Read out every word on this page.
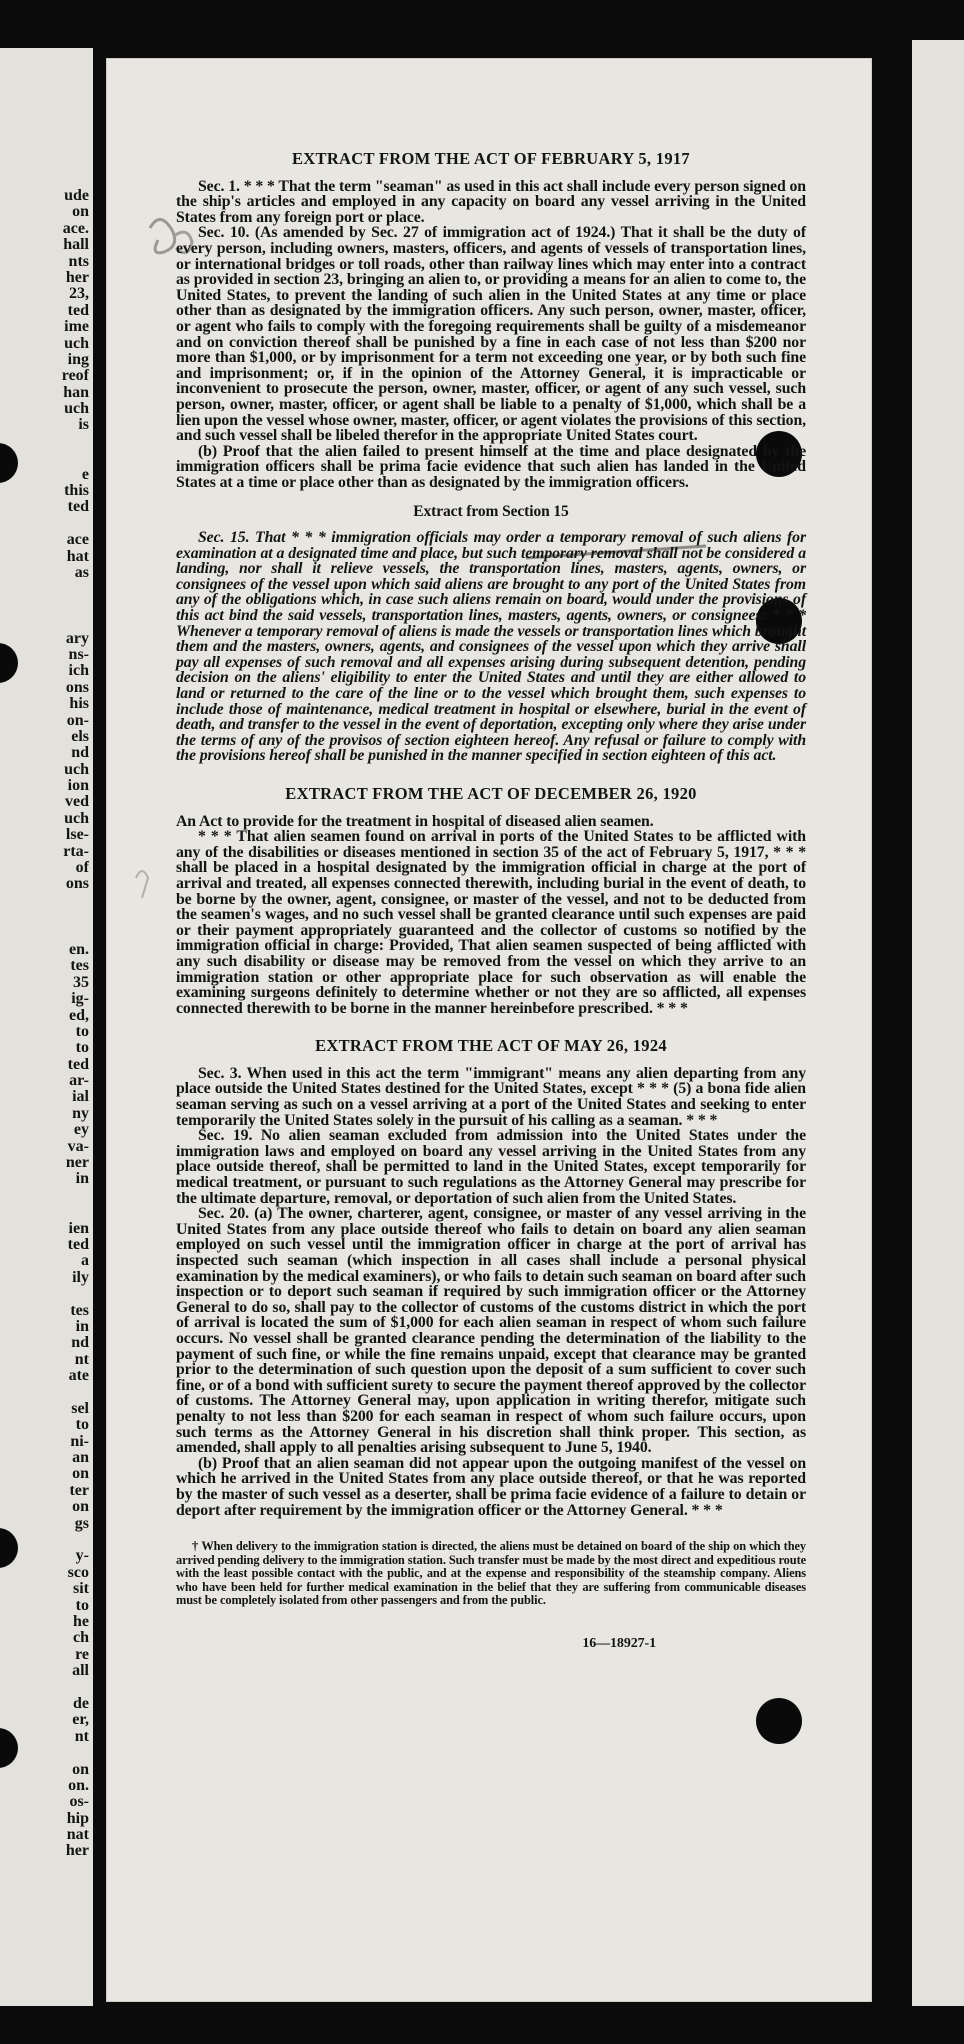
ude
on
ace.
hall
nts
her
23,
ted
ime
uch
ing
reof
han
uch
is
e
this
ted
ace
hat
as
ary
ns-
ich
ons
his
on-
els
nd
uch
ion
ved
uch
lse-
rta-
of
ons
en.
tes
35
ig-
ed,
to
to
ted
ar-
ial
ny
ey
va-
ner
in
ien
ted
a
ily
tes
in
nd
nt
ate
sel
to
ni-
an
on
ter
on
gs
y-
sco
sit
to
he
ch
re
all
de
er,
nt
on
on.
os-
hip
nat
her
EXTRACT FROM THE ACT OF FEBRUARY 5, 1917

Sec. 1. * * * That the term "seaman" as used in this act shall include every person signed on the ship's articles and employed in any capacity on board any vessel arriving in the United States from any foreign port or place.

Sec. 10. (As amended by Sec. 27 of immigration act of 1924.) That it shall be the duty of every person, including owners, masters, officers, and agents of vessels of transportation lines, or international bridges or toll roads, other than railway lines which may enter into a contract as provided in section 23, bringing an alien to, or providing a means for an alien to come to, the United States, to prevent the landing of such alien in the United States at any time or place other than as designated by the immigration officers. Any such person, owner, master, officer, or agent who fails to comply with the foregoing requirements shall be guilty of a misdemeanor and on conviction thereof shall be punished by a fine in each case of not less than $200 nor more than $1,000, or by imprisonment for a term not exceeding one year, or by both such fine and imprisonment; or, if in the opinion of the Attorney General, it is impracticable or inconvenient to prosecute the person, owner, master, officer, or agent of any such vessel, such person, owner, master, officer, or agent shall be liable to a penalty of $1,000, which shall be a lien upon the vessel whose owner, master, officer, or agent violates the provisions of this section, and such vessel shall be libeled therefor in the appropriate United States court.

(b) Proof that the alien failed to present himself at the time and place designated by the immigration officers shall be prima facie evidence that such alien has landed in the United States at a time or place other than as designated by the immigration officers.

Extract from Section 15

Sec. 15. That * * * immigration officials may order a temporary removal of such aliens for examination at a designated time and place, but such temporary removal shall not be considered a landing, nor shall it relieve vessels, the transportation lines, masters, agents, owners, or consignees of the vessel upon which said aliens are brought to any port of the United States from any of the obligations which, in case such aliens remain on board, would under the provisions of this act bind the said vessels, transportation lines, masters, agents, owners, or consignees: * * * Whenever a temporary removal of aliens is made the vessels or transportation lines which brought them and the masters, owners, agents, and consignees of the vessel upon which they arrive shall pay all expenses of such removal and all expenses arising during subsequent detention, pending decision on the aliens' eligibility to enter the United States and until they are either allowed to land or returned to the care of the line or to the vessel which brought them, such expenses to include those of maintenance, medical treatment in hospital or elsewhere, burial in the event of death, and transfer to the vessel in the event of deportation, excepting only where they arise under the terms of any of the provisos of section eighteen hereof. Any refusal or failure to comply with the provisions hereof shall be punished in the manner specified in section eighteen of this act.

EXTRACT FROM THE ACT OF DECEMBER 26, 1920

An Act to provide for the treatment in hospital of diseased alien seamen.

* * * That alien seamen found on arrival in ports of the United States to be afflicted with any of the disabilities or diseases mentioned in section 35 of the act of February 5, 1917, * * * shall be placed in a hospital designated by the immigration official in charge at the port of arrival and treated, all expenses connected therewith, including burial in the event of death, to be borne by the owner, agent, consignee, or master of the vessel, and not to be deducted from the seamen's wages, and no such vessel shall be granted clearance until such expenses are paid or their payment appropriately guaranteed and the collector of customs so notified by the immigration official in charge: Provided, That alien seamen suspected of being afflicted with any such disability or disease may be removed from the vessel on which they arrive to an immigration station or other appropriate place for such observation as will enable the examining surgeons definitely to determine whether or not they are so afflicted, all expenses connected therewith to be borne in the manner hereinbefore prescribed. * * *

EXTRACT FROM THE ACT OF MAY 26, 1924

Sec. 3. When used in this act the term "immigrant" means any alien departing from any place outside the United States destined for the United States, except * * * (5) a bona fide alien seaman serving as such on a vessel arriving at a port of the United States and seeking to enter temporarily the United States solely in the pursuit of his calling as a seaman. * * *

Sec. 19. No alien seaman excluded from admission into the United States under the immigration laws and employed on board any vessel arriving in the United States from any place outside thereof, shall be permitted to land in the United States, except temporarily for medical treatment, or pursuant to such regulations as the Attorney General may prescribe for the ultimate departure, removal, or deportation of such alien from the United States.

Sec. 20. (a) The owner, charterer, agent, consignee, or master of any vessel arriving in the United States from any place outside thereof who fails to detain on board any alien seaman employed on such vessel until the immigration officer in charge at the port of arrival has inspected such seaman (which inspection in all cases shall include a personal physical examination by the medical examiners), or who fails to detain such seaman on board after such inspection or to deport such seaman if required by such immigration officer or the Attorney General to do so, shall pay to the collector of customs of the customs district in which the port of arrival is located the sum of $1,000 for each alien seaman in respect of whom such failure occurs. No vessel shall be granted clearance pending the determination of the liability to the payment of such fine, or while the fine remains unpaid, except that clearance may be granted prior to the determination of such question upon the deposit of a sum sufficient to cover such fine, or of a bond with sufficient surety to secure the payment thereof approved by the collector of customs. The Attorney General may, upon application in writing therefor, mitigate such penalty to not less than $200 for each seaman in respect of whom such failure occurs, upon such terms as the Attorney General in his discretion shall think proper. This section, as amended, shall apply to all penalties arising subsequent to June 5, 1940.

(b) Proof that an alien seaman did not appear upon the outgoing manifest of the vessel on which he arrived in the United States from any place outside thereof, or that he was reported by the master of such vessel as a deserter, shall be prima facie evidence of a failure to detain or deport after requirement by the immigration officer or the Attorney General. * * *

† When delivery to the immigration station is directed, the aliens must be detained on board of the ship on which they arrived pending delivery to the immigration station. Such transfer must be made by the most direct and expeditious route with the least possible contact with the public, and at the expense and responsibility of the steamship company. Aliens who have been held for further medical examination in the belief that they are suffering from communicable diseases must be completely isolated from other passengers and from the public.

16—18927-1
